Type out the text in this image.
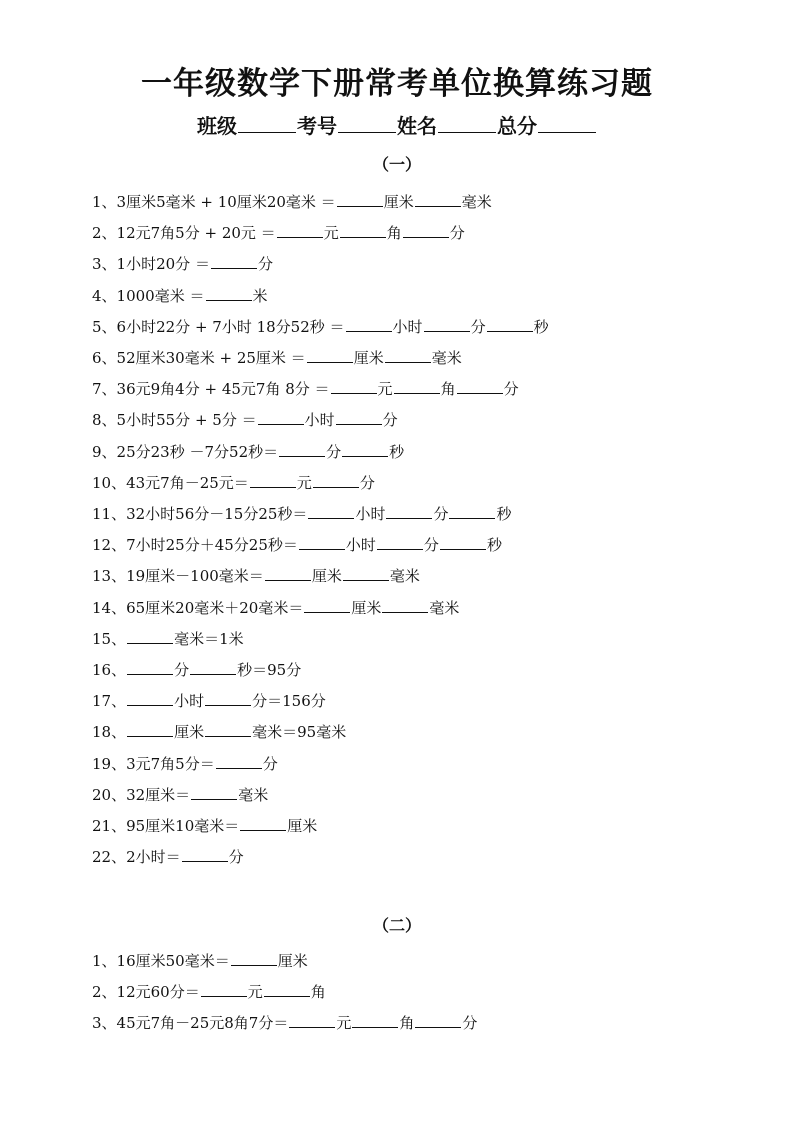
一年级数学下册常考单位换算练习题
班级	考号	姓名	总分
（一）
1、3厘米5毫米 + 10厘米20毫米 ＝	厘米	毫米
2、12元7角5分 + 20元 ＝	元	角	分
3、1小时20分 ＝	分
4、1000毫米 ＝	米
5、6小时22分 + 7小时 18分52秒 ＝	小时	分	秒
6、52厘米30毫米 + 25厘米 ＝	厘米	毫米
7、36元9角4分 + 45元7角 8分 ＝	元	角	分
8、5小时55分 + 5分 ＝	小时	分
9、25分23秒 －7分52秒＝	分	秒
10、43元7角－25元＝	元	分
11、32小时56分－15分25秒＝	小时	分	秒
12、7小时25分＋45分25秒＝	小时	分	秒
13、19厘米－100毫米＝	厘米	毫米
14、65厘米20毫米＋20毫米＝	厘米	毫米
15、	毫米＝1米
16、	分	秒＝95分
17、	小时	分＝156分
18、	厘米	毫米＝95毫米
19、3元7角5分＝	分
20、32厘米＝	毫米
21、95厘米10毫米＝	厘米
22、2小时＝	分
（二）
1、16厘米50毫米＝	厘米
2、12元60分＝	元	角
3、45元7角－25元8角7分＝	元	角	分
